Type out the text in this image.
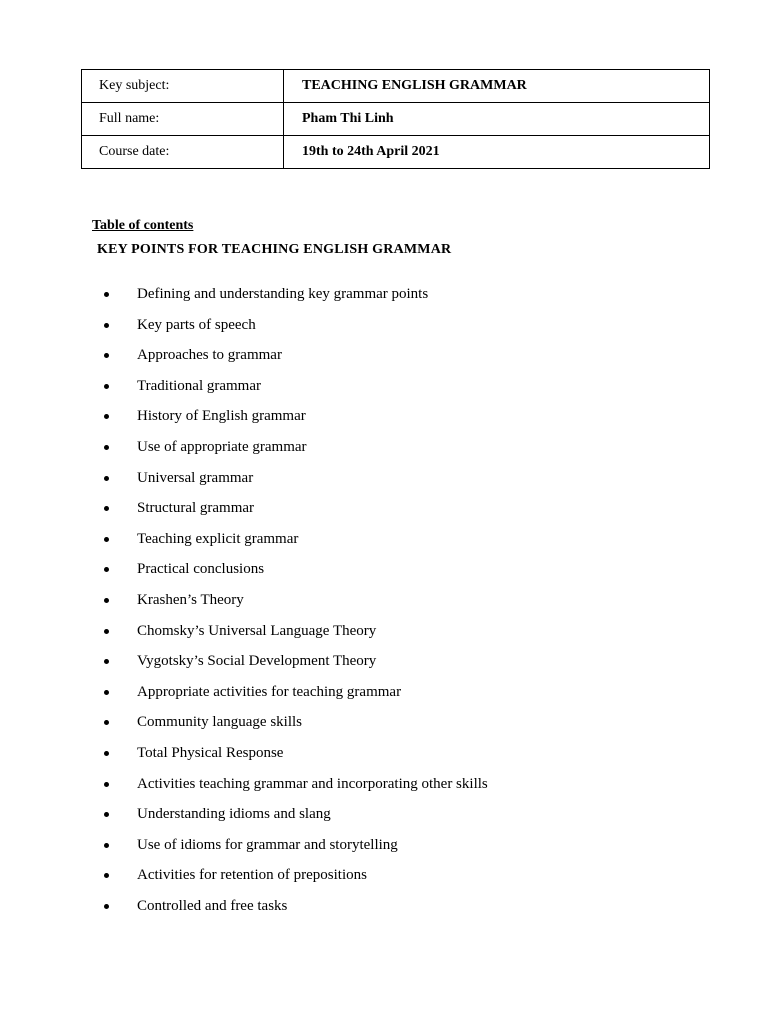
Key subject:	TEACHING ENGLISH GRAMMAR
Full name:	Pham Thi Linh
Course date:	19th to 24th April 2021

Table of contents

KEY POINTS FOR TEACHING ENGLISH GRAMMAR

Defining and understanding key grammar points
Key parts of speech
Approaches to grammar
Traditional grammar
History of English grammar
Use of appropriate grammar
Universal grammar
Structural grammar
Teaching explicit grammar
Practical conclusions
Krashen’s Theory
Chomsky’s Universal Language Theory
Vygotsky’s Social Development Theory
Appropriate activities for teaching grammar
Community language skills
Total Physical Response
Activities teaching grammar and incorporating other skills
Understanding idioms and slang
Use of idioms for grammar and storytelling
Activities for retention of prepositions
Controlled and free tasks
